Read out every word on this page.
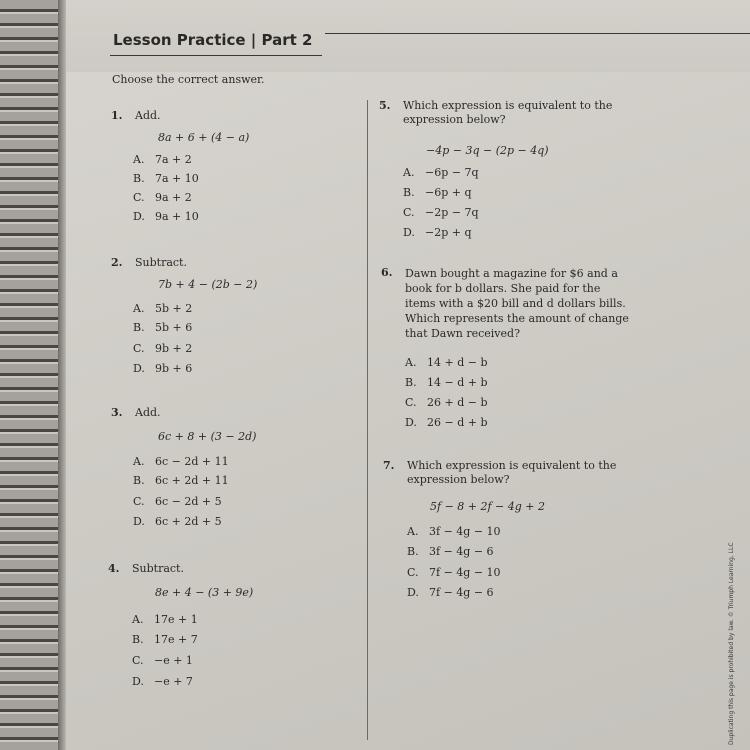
Lesson Practice | Part 2
Choose the correct answer.
1. Add.
8a + 6 + (4 − a)
A. 7a + 2
B. 7a + 10
C. 9a + 2
D. 9a + 10
2. Subtract.
7b + 4 − (2b − 2)
A. 5b + 2
B. 5b + 6
C. 9b + 2
D. 9b + 6
3. Add.
6c + 8 + (3 − 2d)
A. 6c − 2d + 11
B. 6c + 2d + 11
C. 6c − 2d + 5
D. 6c + 2d + 5
4. Subtract.
8e + 4 − (3 + 9e)
A. 17e + 1
B. 17e + 7
C. −e + 1
D. −e + 7
5. Which expression is equivalent to the expression below?
−4p − 3q − (2p − 4q)
A. −6p − 7q
B. −6p + q
C. −2p − 7q
D. −2p + q
6. Dawn bought a magazine for $6 and a book for b dollars. She paid for the items with a $20 bill and d dollars bills. Which represents the amount of change that Dawn received?
A. 14 + d − b
B. 14 − d + b
C. 26 + d − b
D. 26 − d + b
7. Which expression is equivalent to the expression below?
5f − 8 + 2f − 4g + 2
A. 3f − 4g − 10
B. 3f − 4g − 6
C. 7f − 4g − 10
D. 7f − 4g − 6	Duplicating this page is prohibited by law. © Triumph Learning, LLC
